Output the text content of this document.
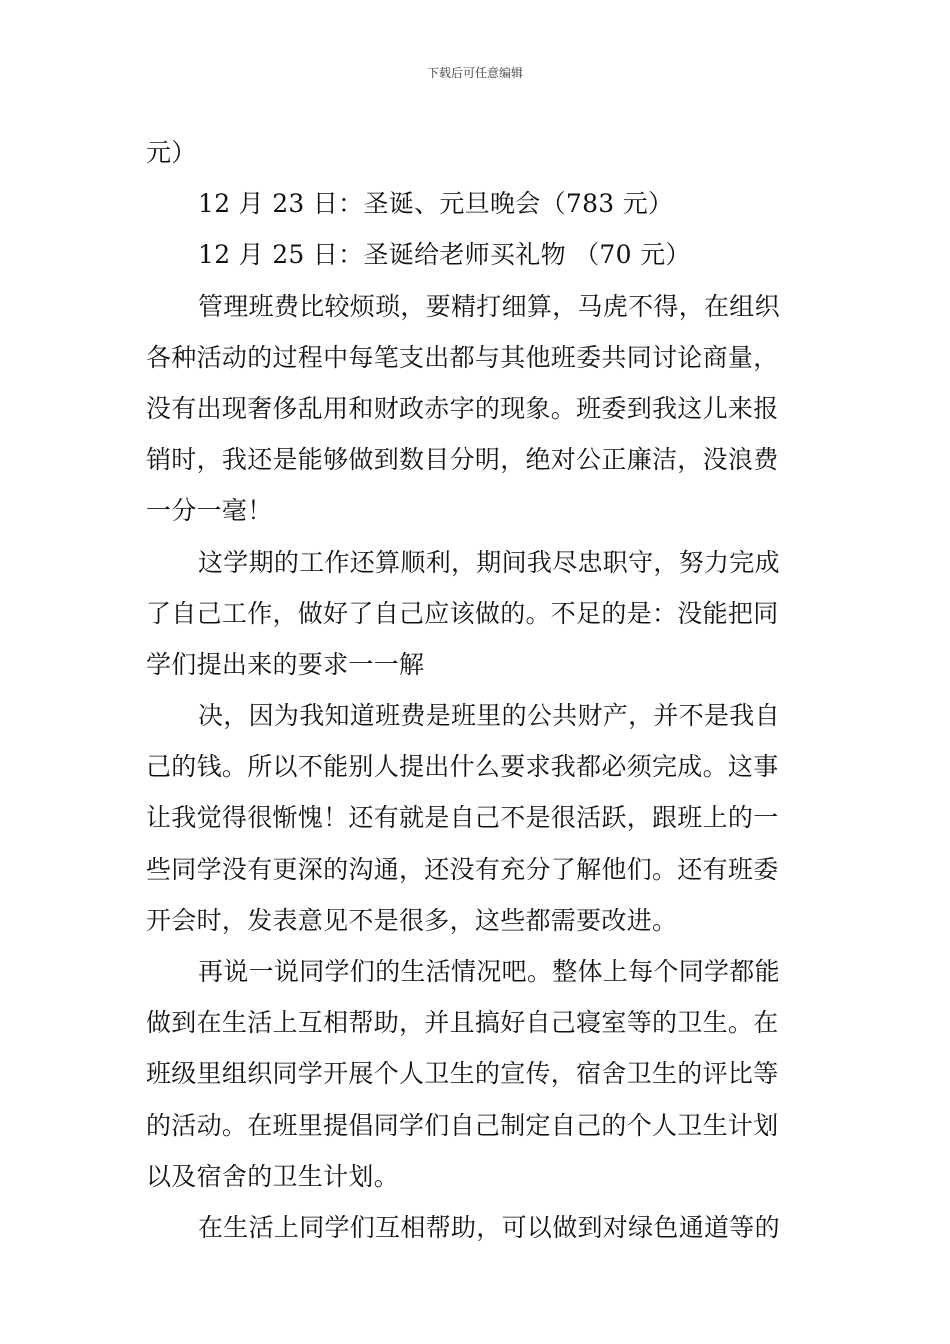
下载后可任意编辑
元）
12 月 23 日：圣诞、元旦晚会（783 元）
12 月 25 日：圣诞给老师买礼物 （70 元）
管理班费比较烦琐，要精打细算，马虎不得，在组织
各种活动的过程中每笔支出都与其他班委共同讨论商量，
没有出现奢侈乱用和财政赤字的现象。班委到我这儿来报
销时，我还是能够做到数目分明，绝对公正廉洁，没浪费
一分一毫！
这学期的工作还算顺利，期间我尽忠职守，努力完成
了自己工作，做好了自己应该做的。不足的是：没能把同
学们提出来的要求一一解
决，因为我知道班费是班里的公共财产，并不是我自
己的钱。所以不能别人提出什么要求我都必须完成。这事
让我觉得很惭愧！还有就是自己不是很活跃，跟班上的一
些同学没有更深的沟通，还没有充分了解他们。还有班委
开会时，发表意见不是很多，这些都需要改进。
再说一说同学们的生活情况吧。整体上每个同学都能
做到在生活上互相帮助，并且搞好自己寝室等的卫生。在
班级里组织同学开展个人卫生的宣传，宿舍卫生的评比等
的活动。在班里提倡同学们自己制定自己的个人卫生计划
以及宿舍的卫生计划。
在生活上同学们互相帮助，可以做到对绿色通道等的
